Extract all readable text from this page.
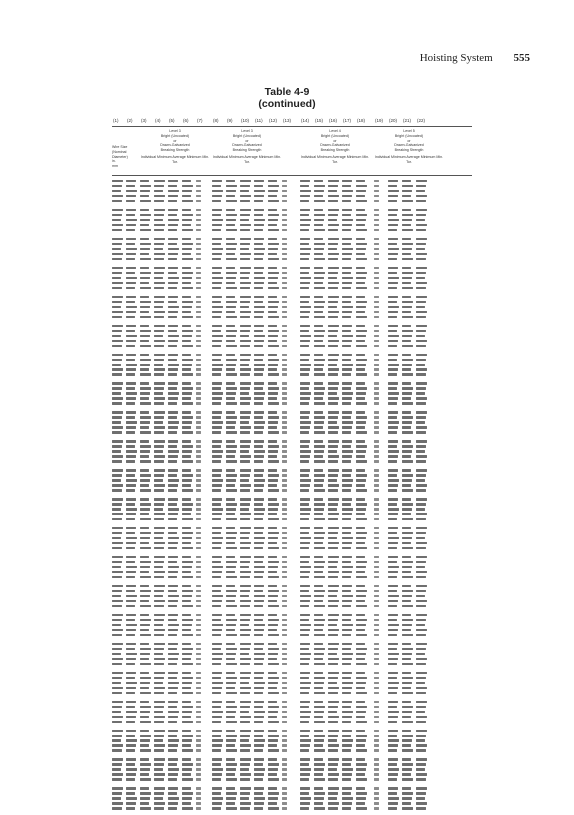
Hoisting System 555
Table 4-9
(continued)
(1) (2) (3) (4) (5) (6) (7) (8) (9) (10) (11) (12) (13) (14) (15) (16) (17) (18) (19) (20) (21) (22)
Wire Size
(Nominal
Diameter)
in.
mm
Level 3
Bright (Uncoated)
or
Drawn-Galvanized
Breaking Strength
Individual Minimum Average Minimum Min. Tor.
Level 3
Bright (Uncoated)
or
Drawn-Galvanized
Breaking Strength
Individual Minimum Average Minimum Min. Tor.
Level 4
Bright (Uncoated)
or
Drawn-Galvanized
Breaking Strength
Individual Minimum Average Minimum Min. Tor.
Level 5
Bright (Uncoated)
or
Drawn-Galvanized
Breaking Strength
Individual Minimum Average Minimum Min. Tor.
